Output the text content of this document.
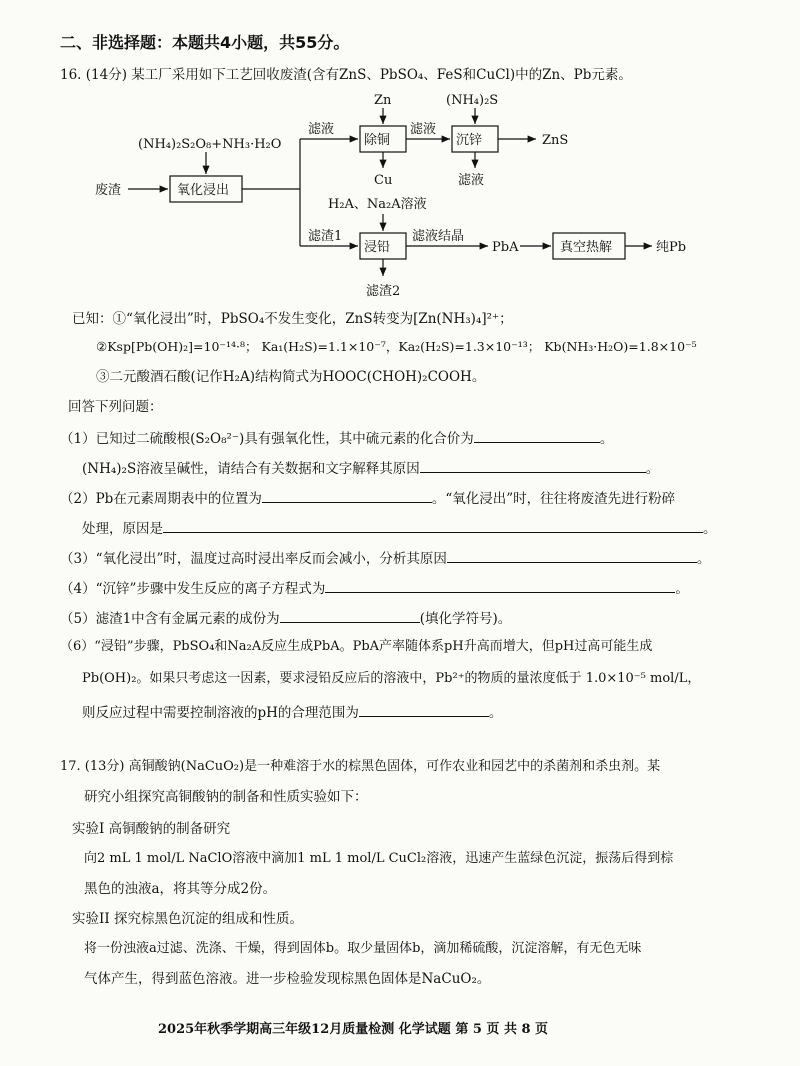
二、非选择题：本题共4小题，共55分。
16. (14分) 某工厂采用如下工艺回收废渣(含有ZnS、PbSO₄、FeS和CuCl)中的Zn、Pb元素。
(NH₄)₂S₂O₈+NH₃·H₂O
废渣	氧化浸出
滤液
Zn
除铜
Cu
滤液
(NH₄)₂S
沉锌	ZnS
滤液
滤渣1
H₂A、Na₂A溶液
浸铅
滤液结晶
PbA	真空热解	纯Pb
滤渣2
已知：①“氧化浸出”时，PbSO₄不发生变化，ZnS转变为[Zn(NH₃)₄]²⁺；
②Ksp[Pb(OH)₂]=10⁻¹⁴·⁸； Ka₁(H₂S)=1.1×10⁻⁷，Ka₂(H₂S)=1.3×10⁻¹³； Kb(NH₃·H₂O)=1.8×10⁻⁵
③二元酸酒石酸(记作H₂A)结构简式为HOOC(CHOH)₂COOH。
回答下列问题：
（1）已知过二硫酸根(S₂O₈²⁻)具有强氧化性，其中硫元素的化合价为	。
(NH₄)₂S溶液呈碱性，请结合有关数据和文字解释其原因	。
（2）Pb在元素周期表中的位置为	。“氧化浸出”时，往往将废渣先进行粉碎
处理，原因是	。
（3）“氧化浸出”时，温度过高时浸出率反而会减小，分析其原因	。
（4）“沉锌”步骤中发生反应的离子方程式为	。
（5）滤渣1中含有金属元素的成份为	(填化学符号)。
（6）“浸铅”步骤，PbSO₄和Na₂A反应生成PbA。PbA产率随体系pH升高而增大，但pH过高可能生成
Pb(OH)₂。如果只考虑这一因素，要求浸铅反应后的溶液中，Pb²⁺的物质的量浓度低于 1.0×10⁻⁵ mol/L，
则反应过程中需要控制溶液的pH的合理范围为	。
17. (13分) 高铜酸钠(NaCuO₂)是一种难溶于水的棕黑色固体，可作农业和园艺中的杀菌剂和杀虫剂。某
研究小组探究高铜酸钠的制备和性质实验如下：
实验I 高铜酸钠的制备研究
向2 mL 1 mol/L NaClO溶液中滴加1 mL 1 mol/L CuCl₂溶液，迅速产生蓝绿色沉淀，振荡后得到棕
黑色的浊液a，将其等分成2份。
实验II 探究棕黑色沉淀的组成和性质。
将一份浊液a过滤、洗涤、干燥，得到固体b。取少量固体b，滴加稀硫酸，沉淀溶解，有无色无味
气体产生，得到蓝色溶液。进一步检验发现棕黑色固体是NaCuO₂。
2025年秋季学期高三年级12月质量检测 化学试题 第 5 页 共 8 页
